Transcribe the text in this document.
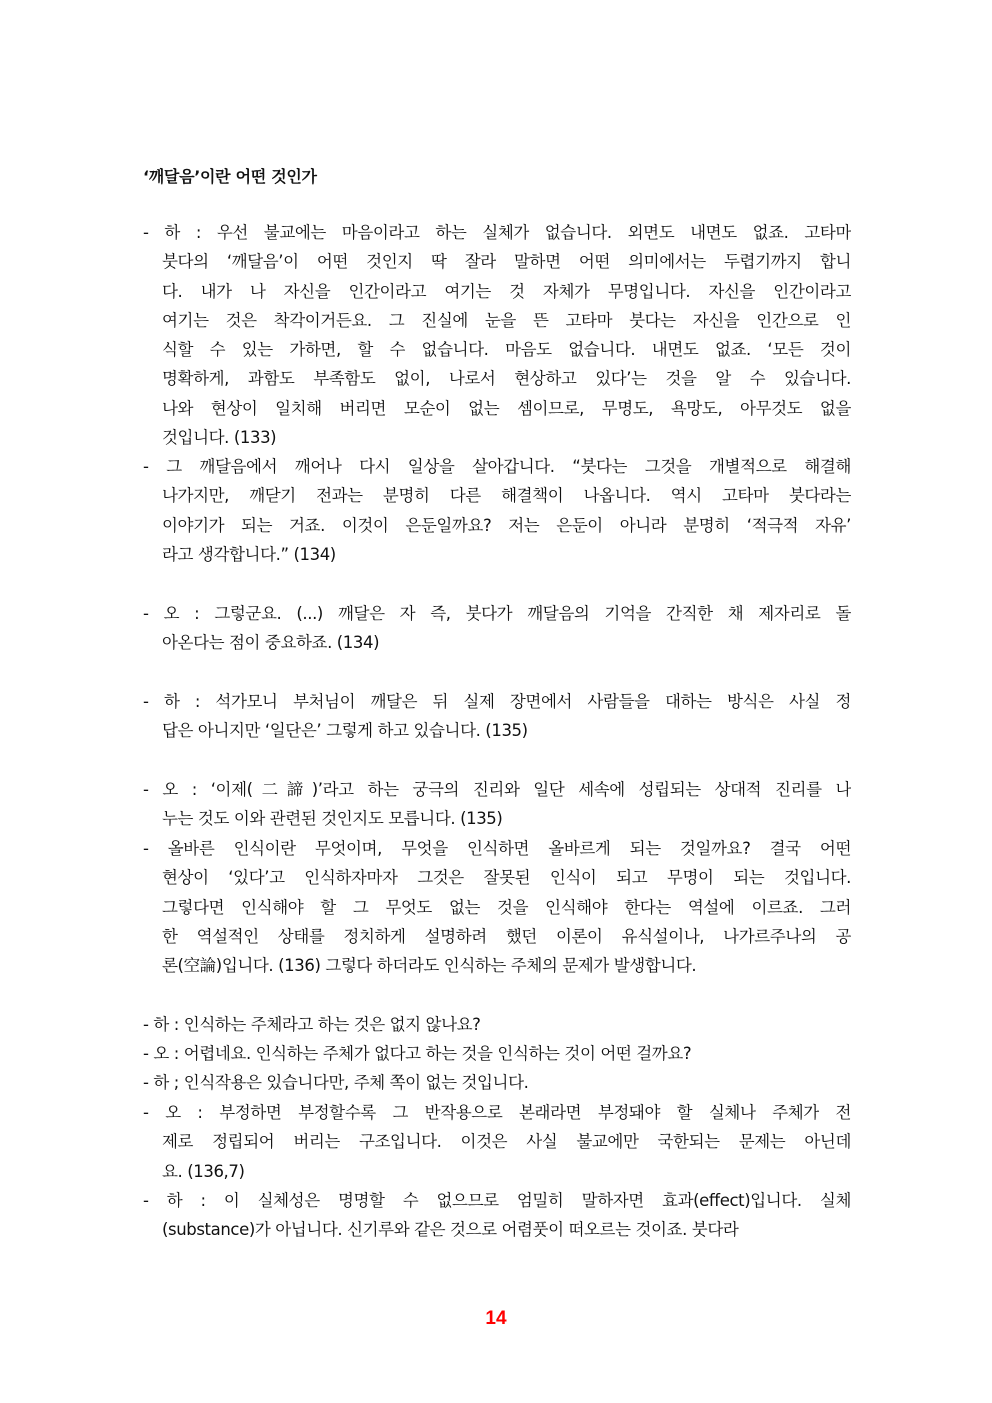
‘깨달음’이란 어떤 것인가
- 하 : 우선 불교에는 마음이라고 하는 실체가 없습니다. 외면도 내면도 없죠. 고타마
붓다의 ‘깨달음’이 어떤 것인지 딱 잘라 말하면 어떤 의미에서는 두렵기까지 합니
다. 내가 나 자신을 인간이라고 여기는 것 자체가 무명입니다. 자신을 인간이라고
여기는 것은 착각이거든요. 그 진실에 눈을 뜬 고타마 붓다는 자신을 인간으로 인
식할 수 있는 가하면, 할 수 없습니다. 마음도 없습니다. 내면도 없죠. ‘모든 것이
명확하게, 과함도 부족함도 없이, 나로서 현상하고 있다’는 것을 알 수 있습니다.
나와 현상이 일치해 버리면 모순이 없는 셈이므로, 무명도, 욕망도, 아무것도 없을
것입니다. (133)
- 그 깨달음에서 깨어나 다시 일상을 살아갑니다. “붓다는 그것을 개별적으로 해결해
나가지만, 깨닫기 전과는 분명히 다른 해결책이 나옵니다. 역시 고타마 붓다라는
이야기가 되는 거죠. 이것이 은둔일까요? 저는 은둔이 아니라 분명히 ‘적극적 자유’
라고 생각합니다.” (134)
- 오 : 그렇군요. (...) 깨달은 자 즉, 붓다가 깨달음의 기억을 간직한 채 제자리로 돌
아온다는 점이 중요하죠. (134)
- 하 : 석가모니 부처님이 깨달은 뒤 실제 장면에서 사람들을 대하는 방식은 사실 정
답은 아니지만 ‘일단은’ 그렇게 하고 있습니다. (135)
- 오 : ‘이제(二諦)’라고 하는 궁극의 진리와 일단 세속에 성립되는 상대적 진리를 나
누는 것도 이와 관련된 것인지도 모릅니다. (135)
- 올바른 인식이란 무엇이며, 무엇을 인식하면 올바르게 되는 것일까요? 결국 어떤
현상이 ‘있다’고 인식하자마자 그것은 잘못된 인식이 되고 무명이 되는 것입니다.
그렇다면 인식해야 할 그 무엇도 없는 것을 인식해야 한다는 역설에 이르죠. 그러
한 역설적인 상태를 정치하게 설명하려 했던 이론이 유식설이나, 나가르주나의 공
론(空論)입니다. (136) 그렇다 하더라도 인식하는 주체의 문제가 발생합니다.
- 하 : 인식하는 주체라고 하는 것은 없지 않나요?
- 오 : 어렵네요. 인식하는 주체가 없다고 하는 것을 인식하는 것이 어떤 걸까요?
- 하 ; 인식작용은 있습니다만, 주체 쪽이 없는 것입니다.
- 오 : 부정하면 부정할수록 그 반작용으로 본래라면 부정돼야 할 실체나 주체가 전
제로 정립되어 버리는 구조입니다. 이것은 사실 불교에만 국한되는 문제는 아닌데
요. (136,7)
- 하 : 이 실체성은 명명할 수 없으므로 엄밀히 말하자면 효과(effect)입니다. 실체
(substance)가 아닙니다. 신기루와 같은 것으로 어렴풋이 떠오르는 것이죠. 붓다라
14
